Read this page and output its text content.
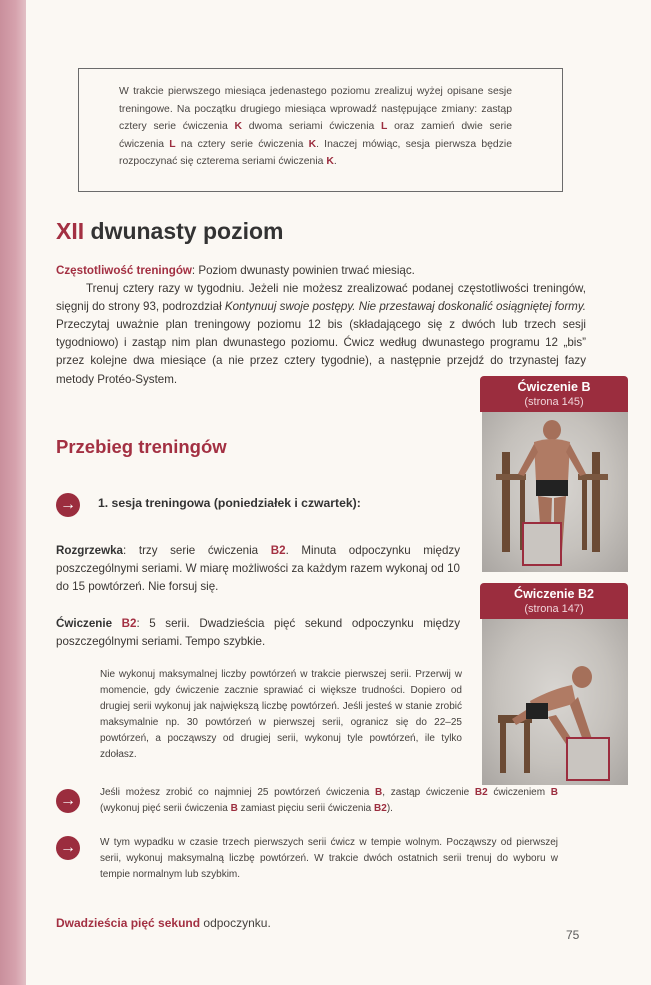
W trakcie pierwszego miesiąca jedenastego poziomu zrealizuj wyżej opisane sesje treningowe. Na początku drugiego miesiąca wprowadź następujące zmiany: zastąp cztery serie ćwiczenia K dwoma seriami ćwiczenia L oraz zamień dwie serie ćwiczenia L na cztery serie ćwiczenia K. Inaczej mówiąc, sesja pierwsza będzie rozpoczynać się czterema seriami ćwiczenia K.
XII dwunasty poziom

Częstotliwość treningów: Poziom dwunasty powinien trwać miesiąc.
Trenuj cztery razy w tygodniu. Jeżeli nie możesz zrealizować podanej częstotliwości treningów, sięgnij do strony 93, podrozdział Kontynuuj swoje postępy. Nie przestawaj doskonalić osiągniętej formy. Przeczytaj uważnie plan treningowy poziomu 12 bis (składającego się z dwóch lub trzech sesji tygodniowo) i zastąp nim plan dwunastego poziomu. Ćwicz według dwunastego programu 12 „bis” przez kolejne dwa miesiące (a nie przez cztery tygodnie), a następnie przejdź do trzynastej fazy metody Protéo-System.

Przebieg treningów
→	1. sesja treningowa (poniedziałek i czwartek):

Rozgrzewka: trzy serie ćwiczenia B2. Minuta odpoczynku między poszczególnymi seriami. W miarę możliwości za każdym razem wykonaj od 10 do 15 powtórzeń. Nie forsuj się.

Ćwiczenie B2: 5 serii. Dwadzieścia pięć sekund odpoczynku między poszczególnymi seriami. Tempo szybkie.

Nie wykonuj maksymalnej liczby powtórzeń w trakcie pierwszej serii. Przerwij w momencie, gdy ćwiczenie zacznie sprawiać ci większe trudności. Dopiero od drugiej serii wykonuj jak największą liczbę powtórzeń. Jeśli jesteś w stanie zrobić maksymalnie np. 30 powtórzeń w pierwszej serii, ogranicz się do 22–25 powtórzeń, a począwszy od drugiej serii, wykonuj tyle powtórzeń, ile tylko zdołasz.

→	Jeśli możesz zrobić co najmniej 25 powtórzeń ćwiczenia B, zastąp ćwiczenie B2 ćwiczeniem B (wykonuj pięć serii ćwiczenia B zamiast pięciu serii ćwiczenia B2).

→	W tym wypadku w czasie trzech pierwszych serii ćwicz w tempie wolnym. Począwszy od pierwszej serii, wykonuj maksymalną liczbę powtórzeń. W trakcie dwóch ostatnich serii trenuj do wyboru w tempie normalnym lub szybkim.

Dwadzieścia pięć sekund odpoczynku.
75
Ćwiczenie B
(strona 145)
Ćwiczenie B2
(strona 147)
